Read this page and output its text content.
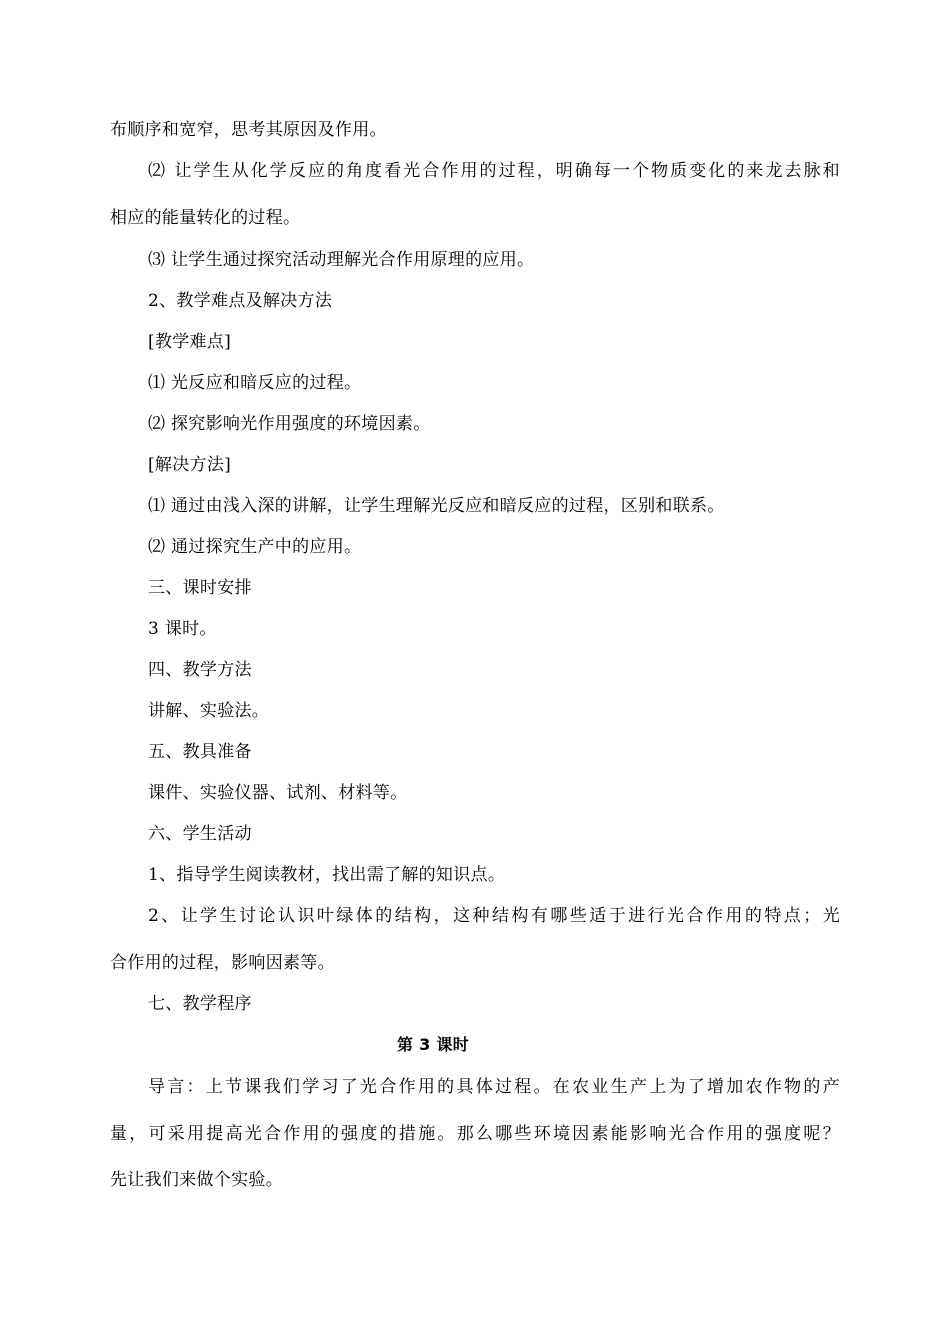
布顺序和宽窄，思考其原因及作用。
⑵ 让学生从化学反应的角度看光合作用的过程，明确每一个物质变化的来龙去脉和
相应的能量转化的过程。
⑶ 让学生通过探究活动理解光合作用原理的应用。
2、教学难点及解决方法
[教学难点]
⑴ 光反应和暗反应的过程。
⑵ 探究影响光作用强度的环境因素。
[解决方法]
⑴ 通过由浅入深的讲解，让学生理解光反应和暗反应的过程，区别和联系。
⑵ 通过探究生产中的应用。
三、课时安排
3 课时。
四、教学方法
讲解、实验法。
五、教具准备
课件、实验仪器、试剂、材料等。
六、学生活动
1、指导学生阅读教材，找出需了解的知识点。
2、让学生讨论认识叶绿体的结构，这种结构有哪些适于进行光合作用的特点；光
合作用的过程，影响因素等。
七、教学程序
第 3 课时
导言：上节课我们学习了光合作用的具体过程。在农业生产上为了增加农作物的产
量，可采用提高光合作用的强度的措施。那么哪些环境因素能影响光合作用的强度呢？
先让我们来做个实验。
